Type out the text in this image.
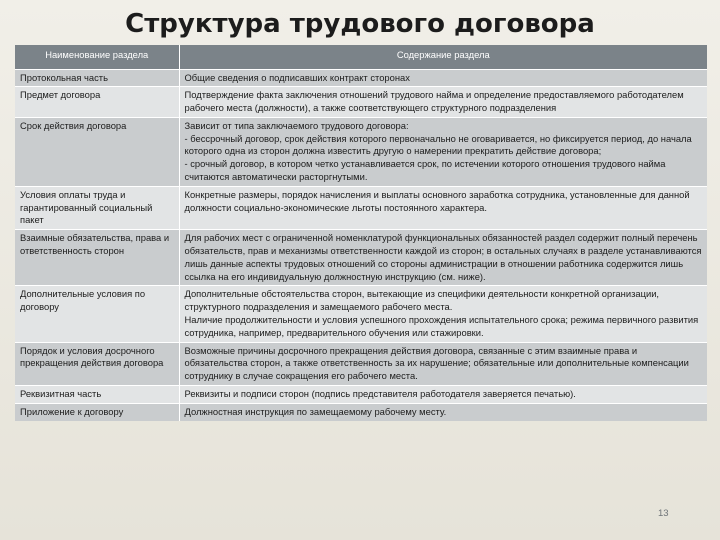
Структура трудового договора
Наименование раздела	Содержание раздела
Протокольная часть	Общие сведения о подписавших контракт сторонах
Предмет договора	Подтверждение факта заключения отношений трудового найма и определение предоставляемого работодателем рабочего места (должности), а также соответствующего структурного подразделения
Срок действия договора	Зависит от типа заключаемого трудового договора:
- бессрочный договор, срок действия которого первоначально не оговаривается, но фиксируется период, до начала которого одна из сторон должна известить другую о намерении прекратить действие договора;
- срочный договор, в котором четко устанавливается срок, по истечении которого отношения трудового найма считаются автоматически расторгнутыми.
Условия оплаты труда и гарантированный социальный пакет	Конкретные размеры, порядок начисления и выплаты основного заработка сотрудника, установленные для данной должности социально-экономические льготы постоянного характера.
Взаимные обязательства, права и ответственность сторон	Для рабочих мест с ограниченной номенклатурой функциональных обязанностей раздел содержит полный перечень обязательств, прав и механизмы ответственности каждой из сторон; в остальных случаях в разделе устанавливаются лишь данные аспекты трудовых отношений со стороны администрации в отношении работника содержится лишь ссылка на его индивидуальную должностную инструкцию (см. ниже).
Дополнительные условия по договору	Дополнительные обстоятельства сторон, вытекающие из специфики деятельности конкретной организации, структурного подразделения и замещаемого рабочего места.
Наличие продолжительности и условия успешного прохождения испытательного срока; режима первичного развития сотрудника, например, предварительного обучения или стажировки.
Порядок и условия досрочного прекращения действия договора	Возможные причины досрочного прекращения действия договора, связанные с этим взаимные права и обязательства сторон, а также ответственность за их нарушение; обязательные или дополнительные компенсации сотруднику в случае сокращения его рабочего места.
Реквизитная часть	Реквизиты и подписи сторон (подпись представителя работодателя заверяется печатью).
Приложение к договору	Должностная инструкция по замещаемому рабочему месту.
13
